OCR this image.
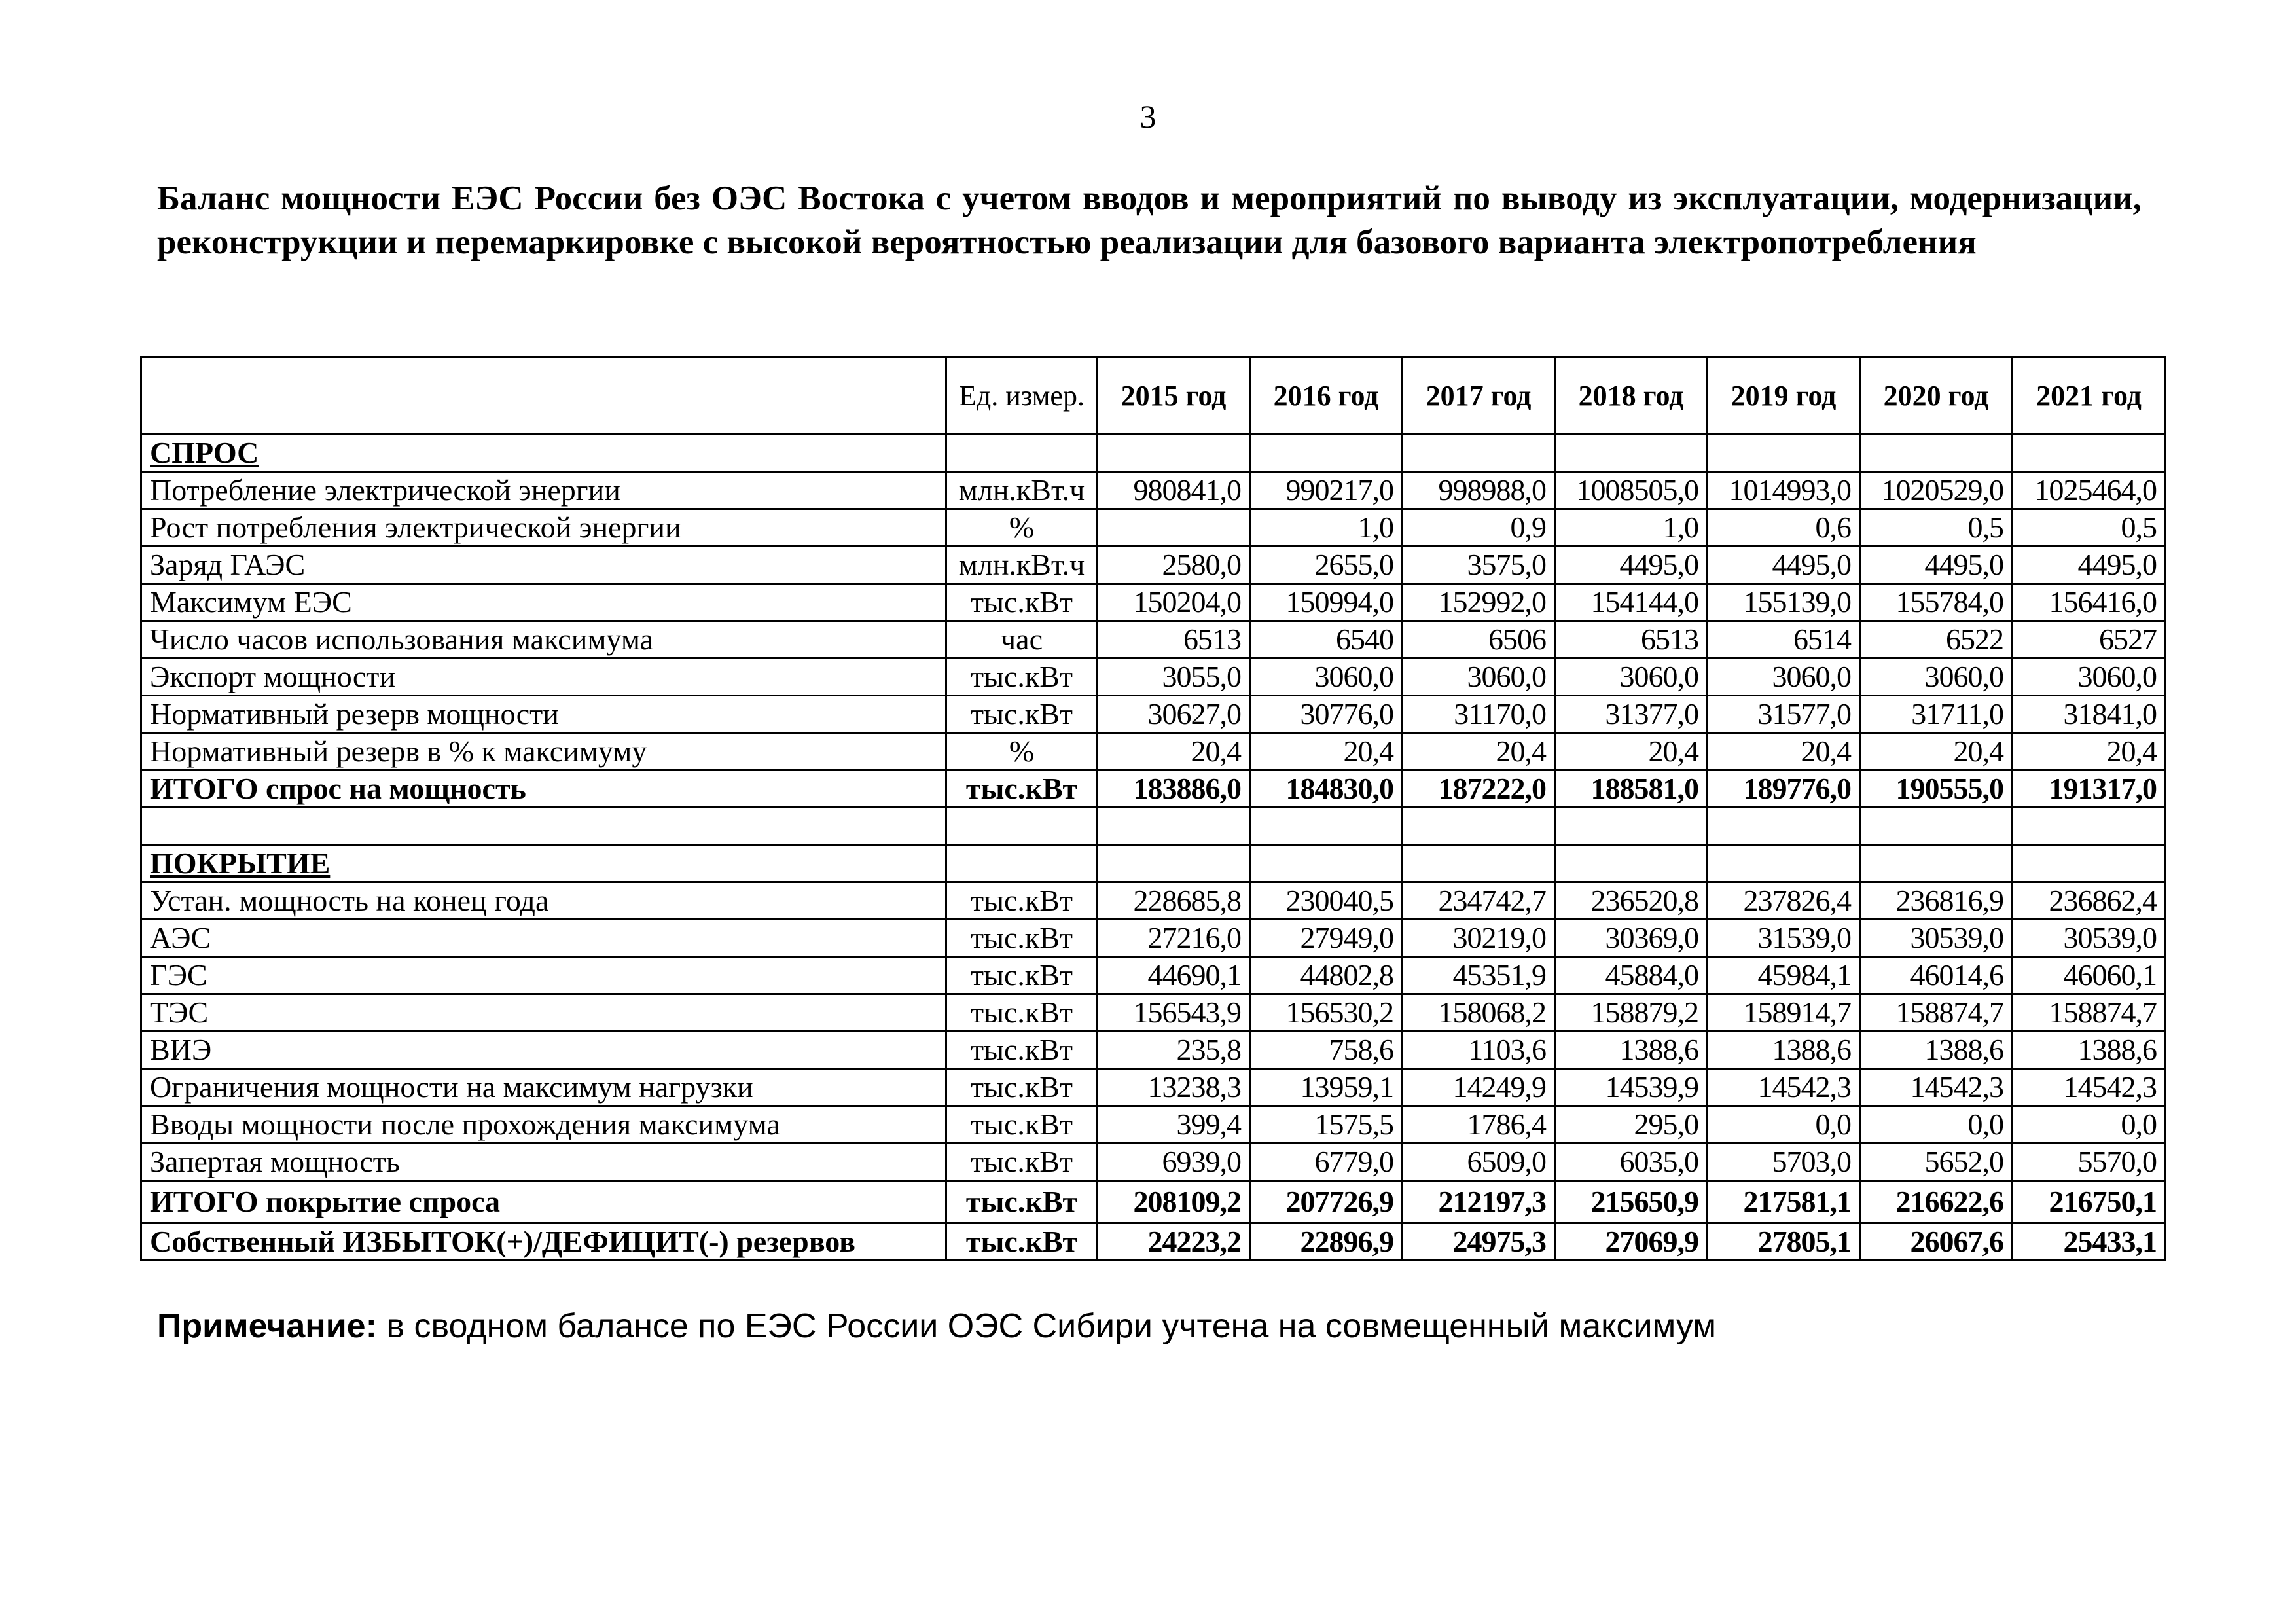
3
Баланс мощности ЕЭС России без ОЭС Востока с учетом вводов и мероприятий по выводу из эксплуатации, модернизации, реконструкции и перемаркировке с высокой вероятностью реализации для базового варианта электропотребления
	Ед. измер.	2015 год	2016 год	2017 год	2018 год	2019 год	2020 год	2021 год
СПРОС								
Потребление электрической энергии	млн.кВт.ч	980841,0	990217,0	998988,0	1008505,0	1014993,0	1020529,0	1025464,0
Рост потребления электрической энергии	%		1,0	0,9	1,0	0,6	0,5	0,5
Заряд ГАЭС	млн.кВт.ч	2580,0	2655,0	3575,0	4495,0	4495,0	4495,0	4495,0
Максимум ЕЭС	тыс.кВт	150204,0	150994,0	152992,0	154144,0	155139,0	155784,0	156416,0
Число часов использования максимума	час	6513	6540	6506	6513	6514	6522	6527
Экспорт мощности	тыс.кВт	3055,0	3060,0	3060,0	3060,0	3060,0	3060,0	3060,0
Нормативный резерв мощности	тыс.кВт	30627,0	30776,0	31170,0	31377,0	31577,0	31711,0	31841,0
Нормативный резерв в % к максимуму	%	20,4	20,4	20,4	20,4	20,4	20,4	20,4
ИТОГО спрос на мощность	тыс.кВт	183886,0	184830,0	187222,0	188581,0	189776,0	190555,0	191317,0

ПОКРЫТИЕ								
Устан. мощность на конец года	тыс.кВт	228685,8	230040,5	234742,7	236520,8	237826,4	236816,9	236862,4
АЭС	тыс.кВт	27216,0	27949,0	30219,0	30369,0	31539,0	30539,0	30539,0
ГЭС	тыс.кВт	44690,1	44802,8	45351,9	45884,0	45984,1	46014,6	46060,1
ТЭС	тыс.кВт	156543,9	156530,2	158068,2	158879,2	158914,7	158874,7	158874,7
ВИЭ	тыс.кВт	235,8	758,6	1103,6	1388,6	1388,6	1388,6	1388,6
Ограничения мощности на максимум нагрузки	тыс.кВт	13238,3	13959,1	14249,9	14539,9	14542,3	14542,3	14542,3
Вводы мощности после прохождения максимума	тыс.кВт	399,4	1575,5	1786,4	295,0	0,0	0,0	0,0
Запертая мощность	тыс.кВт	6939,0	6779,0	6509,0	6035,0	5703,0	5652,0	5570,0
ИТОГО покрытие спроса	тыс.кВт	208109,2	207726,9	212197,3	215650,9	217581,1	216622,6	216750,1
Собственный ИЗБЫТОК(+)/ДЕФИЦИТ(-) резервов	тыс.кВт	24223,2	22896,9	24975,3	27069,9	27805,1	26067,6	25433,1
Примечание: в сводном балансе по ЕЭС России ОЭС Сибири учтена на совмещенный максимум
